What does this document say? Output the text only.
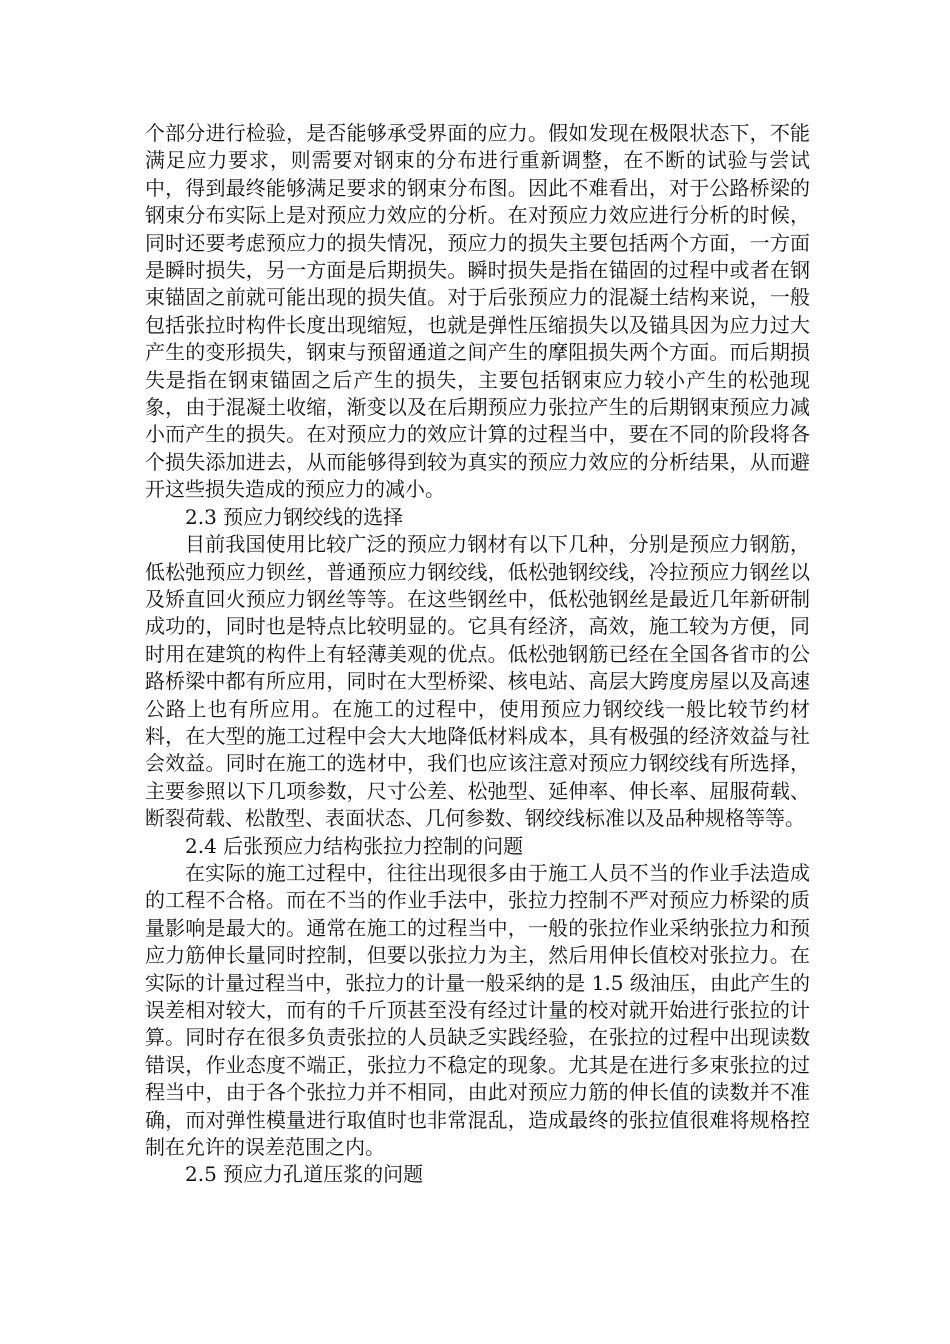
个部分进行检验，是否能够承受界面的应力。假如发现在极限状态下，不能满足应力要求，则需要对钢束的分布进行重新调整，在不断的试验与尝试中，得到最终能够满足要求的钢束分布图。因此不难看出，对于公路桥梁的钢束分布实际上是对预应力效应的分析。在对预应力效应进行分析的时候，同时还要考虑预应力的损失情况，预应力的损失主要包括两个方面，一方面是瞬时损失，另一方面是后期损失。瞬时损失是指在锚固的过程中或者在钢束锚固之前就可能出现的损失值。对于后张预应力的混凝土结构来说，一般包括张拉时构件长度出现缩短，也就是弹性压缩损失以及锚具因为应力过大产生的变形损失，钢束与预留通道之间产生的摩阻损失两个方面。而后期损失是指在钢束锚固之后产生的损失，主要包括钢束应力较小产生的松弛现象，由于混凝土收缩，渐变以及在后期预应力张拉产生的后期钢束预应力减小而产生的损失。在对预应力的效应计算的过程当中，要在不同的阶段将各个损失添加进去，从而能够得到较为真实的预应力效应的分析结果，从而避开这些损失造成的预应力的减小。

2.3 预应力钢绞线的选择

目前我国使用比较广泛的预应力钢材有以下几种，分别是预应力钢筋，低松弛预应力钡丝，普通预应力钢绞线，低松弛钢绞线，冷拉预应力钢丝以及矫直回火预应力钢丝等等。在这些钢丝中，低松弛钢丝是最近几年新研制成功的，同时也是特点比较明显的。它具有经济，高效，施工较为方便，同时用在建筑的构件上有轻薄美观的优点。低松弛钢筋已经在全国各省市的公路桥梁中都有所应用，同时在大型桥梁、核电站、高层大跨度房屋以及高速公路上也有所应用。在施工的过程中，使用预应力钢绞线一般比较节约材料，在大型的施工过程中会大大地降低材料成本，具有极强的经济效益与社会效益。同时在施工的选材中，我们也应该注意对预应力钢绞线有所选择，主要参照以下几项参数，尺寸公差、松弛型、延伸率、伸长率、屈服荷载、断裂荷载、松散型、表面状态、几何参数、钢绞线标准以及品种规格等等。

2.4 后张预应力结构张拉力控制的问题

在实际的施工过程中，往往出现很多由于施工人员不当的作业手法造成的工程不合格。而在不当的作业手法中，张拉力控制不严对预应力桥梁的质量影响是最大的。通常在施工的过程当中，一般的张拉作业采纳张拉力和预应力筋伸长量同时控制，但要以张拉力为主，然后用伸长值校对张拉力。在实际的计量过程当中，张拉力的计量一般采纳的是 1.5 级油压，由此产生的误差相对较大，而有的千斤顶甚至没有经过计量的校对就开始进行张拉的计算。同时存在很多负责张拉的人员缺乏实践经验，在张拉的过程中出现读数错误，作业态度不端正，张拉力不稳定的现象。尤其是在进行多束张拉的过程当中，由于各个张拉力并不相同，由此对预应力筋的伸长值的读数并不准确，而对弹性模量进行取值时也非常混乱，造成最终的张拉值很难将规格控制在允许的误差范围之内。

2.5 预应力孔道压浆的问题
